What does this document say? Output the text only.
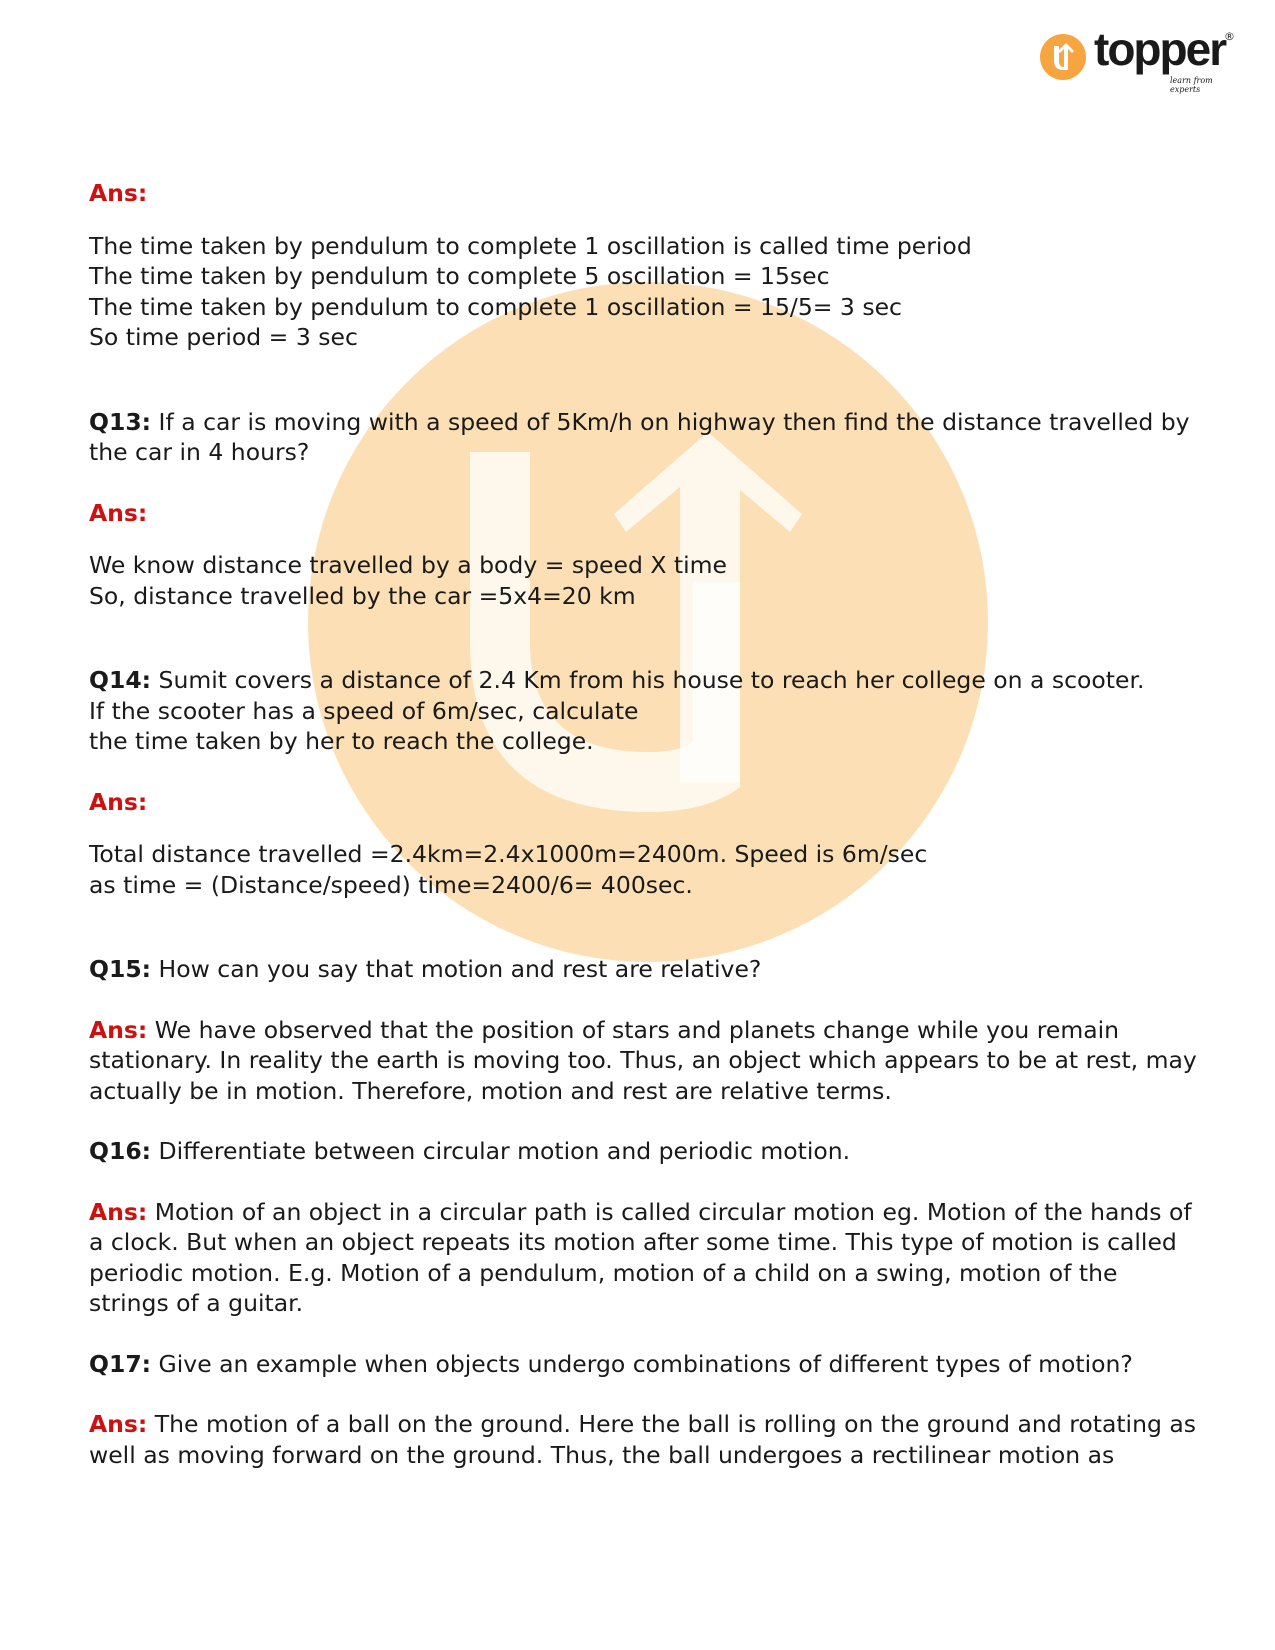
topper
®
learn from experts

Ans:

The time taken by pendulum to complete 1 oscillation is called time period

The time taken by pendulum to complete 5 oscillation = 15sec

The time taken by pendulum to complete 1 oscillation = 15/5= 3 sec

So time period = 3 sec

Q13: If a car is moving with a speed of 5Km/h on highway then find the distance travelled by the car in 4 hours?

Ans:

We know distance travelled by a body = speed X time

So, distance travelled by the car =5x4=20 km

Q14: Sumit covers a distance of 2.4 Km from his house to reach her college on a scooter.

If the scooter has a speed of 6m/sec, calculate

the time taken by her to reach the college.

Ans:

Total distance travelled =2.4km=2.4x1000m=2400m. Speed is 6m/sec

as time = (Distance/speed) time=2400/6= 400sec.

Q15: How can you say that motion and rest are relative?

Ans: We have observed that the position of stars and planets change while you remain stationary. In reality the earth is moving too. Thus, an object which appears to be at rest, may actually be in motion. Therefore, motion and rest are relative terms.

Q16: Differentiate between circular motion and periodic motion.

Ans: Motion of an object in a circular path is called circular motion eg. Motion of the hands of a clock. But when an object repeats its motion after some time. This type of motion is called periodic motion. E.g. Motion of a pendulum, motion of a child on a swing, motion of the strings of a guitar.

Q17: Give an example when objects undergo combinations of different types of motion?

Ans: The motion of a ball on the ground. Here the ball is rolling on the ground and rotating as well as moving forward on the ground. Thus, the ball undergoes a rectilinear motion as
